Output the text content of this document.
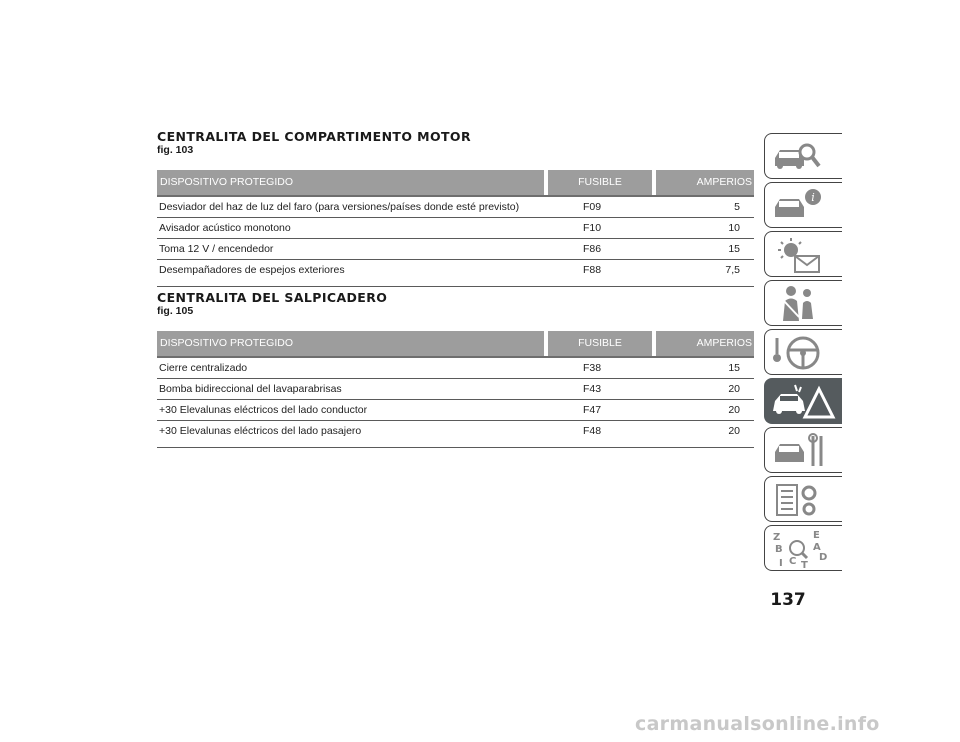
CENTRALITA DEL COMPARTIMENTO MOTOR
fig. 103
DISPOSITIVO PROTEGIDO	FUSIBLE	AMPERIOS
Desviador del haz de luz del faro (para versiones/países donde esté previsto)	F09	5
Avisador acústico monotono	F10	10
Toma 12 V / encendedor	F86	15
Desempañadores de espejos exteriores	F88	7,5
CENTRALITA DEL SALPICADERO
fig. 105
DISPOSITIVO PROTEGIDO	FUSIBLE	AMPERIOS
Cierre centralizado	F38	15
Bomba bidireccional del lavaparabrisas	F43	20
+30 Elevalunas eléctricos del lado conductor	F47	20
+30 Elevalunas eléctricos del lado pasajero	F48	20
i
Z	E
B	A
D
I C T
137
carmanualsonline.info
